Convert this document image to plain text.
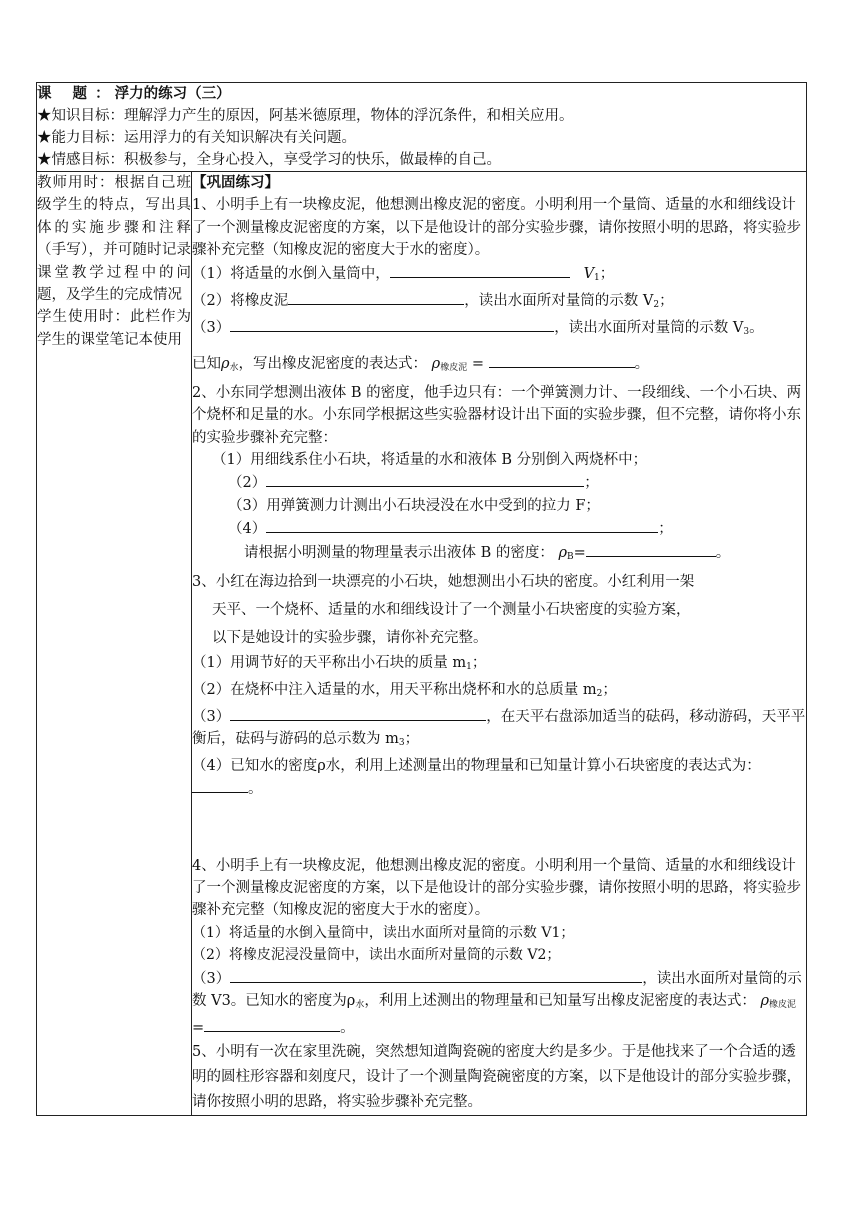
课 题： 浮力的练习（三）
★知识目标：理解浮力产生的原因，阿基米德原理，物体的浮沉条件，和相关应用。
★能力目标：运用浮力的有关知识解决有关问题。
★情感目标：积极参与，全身心投入，享受学习的快乐，做最棒的自己。

教师用时：根据自己班级学生的特点，写出具体的实施步骤和注释（手写），并可随时记录课堂教学过程中的问题，及学生的完成情况
学生使用时：此栏作为学生的课堂笔记本使用

【巩固练习】

1、小明手上有一块橡皮泥，他想测出橡皮泥的密度。小明利用一个量筒、适量的水和细线设计了一个测量橡皮泥密度的方案，以下是他设计的部分实验步骤，请你按照小明的思路，将实验步骤补充完整（知橡皮泥的密度大于水的密度）。

（1）将适量的水倒入量筒中，	$V_1$；

（2）将橡皮泥	，读出水面所对量筒的示数 $V_2$；

（3）	，读出水面所对量筒的示数 $V_3$。

已知$\rho_水$，写出橡皮泥密度的表达式： $\rho_{橡皮泥}$ =	。

2、小东同学想测出液体 B 的密度，他手边只有：一个弹簧测力计、一段细线、一个小石块、两个烧杯和足量的水。小东同学根据这些实验器材设计出下面的实验步骤，但不完整，请你将小东的实验步骤补充完整：

（1）用细线系住小石块，将适量的水和液体 B 分别倒入两烧杯中；

（2）	；

（3）用弹簧测力计测出小石块浸没在水中受到的拉力 F；

（4）	；

请根据小明测量的物理量表示出液体 B 的密度： $\rho_B=$	。

3、小红在海边拾到一块漂亮的小石块，她想测出小石块的密度。小红利用一架

天平、一个烧杯、适量的水和细线设计了一个测量小石块密度的实验方案，

以下是她设计的实验步骤，请你补充完整。

（1）用调节好的天平称出小石块的质量 $m_1$；

（2）在烧杯中注入适量的水，用天平称出烧杯和水的总质量 $m_2$；

（3）	，在天平右盘添加适当的砝码，移动游码，天平平衡后，砝码与游码的总示数为 $m_3$；

（4）已知水的密度ρ水，利用上述测量出的物理量和已知量计算小石块密度的表达式为：。

4、小明手上有一块橡皮泥，他想测出橡皮泥的密度。小明利用一个量筒、适量的水和细线设计了一个测量橡皮泥密度的方案，以下是他设计的部分实验步骤，请你按照小明的思路，将实验步骤补充完整（知橡皮泥的密度大于水的密度）。

（1）将适量的水倒入量筒中，读出水面所对量筒的示数 V1；

（2）将橡皮泥浸没量筒中，读出水面所对量筒的示数 V2；

（3）	，读出水面所对量筒的示数 V3。已知水的密度为$\rho_水$，利用上述测出的物理量和已知量写出橡皮泥密度的表达式： $\rho_{橡皮泥}=$	。

5、小明有一次在家里洗碗，突然想知道陶瓷碗的密度大约是多少。于是他找来了一个合适的透明的圆柱形容器和刻度尺，设计了一个测量陶瓷碗密度的方案，以下是他设计的部分实验步骤，请你按照小明的思路，将实验步骤补充完整。
